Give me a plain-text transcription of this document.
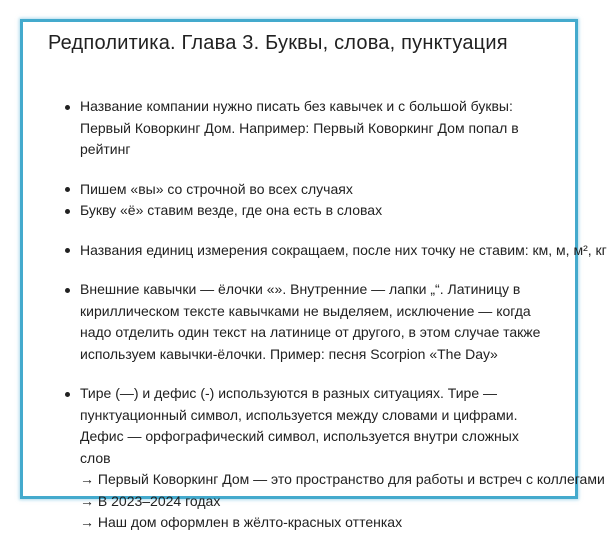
Редполитика. Глава 3. Буквы, слова, пунктуация
Название компании нужно писать без кавычек и с большой буквы: Первый Коворкинг Дом. Например: Первый Коворкинг Дом попал в рейтинг
Пишем «вы» со строчной во всех случаях
Букву «ё» ставим везде, где она есть в словах
Названия единиц измерения сокращаем, после них точку не ставим: км, м, м², кг
Внешние кавычки — ёлочки «». Внутренние — лапки „“. Латиницу в кириллическом тексте кавычками не выделяем, исключение — когда надо отделить один текст на латинице от другого, в этом случае также используем кавычки-ёлочки. Пример: песня Scorpion «The Day»
Тире (—) и дефис (-) используются в разных ситуациях. Тире — пунктуационный символ, используется между словами и цифрами. Дефис — орфографический символ, используется внутри сложных слов
→ Первый Коворкинг Дом — это пространство для работы и встреч с коллегами
→ В 2023–2024 годах
→ Наш дом оформлен в жёлто-красных оттенках
